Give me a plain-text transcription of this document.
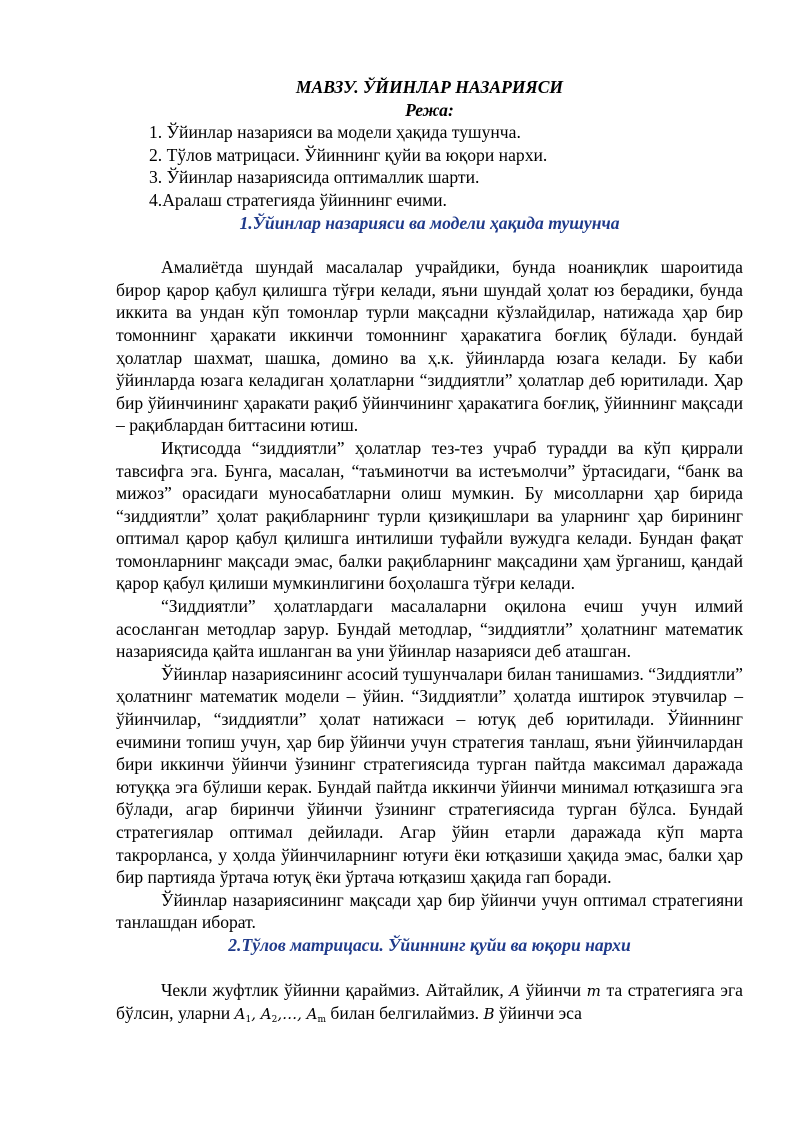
МАВЗУ. ЎЙИНЛАР НАЗАРИЯСИ

Режа:

1. Ўйинлар назарияси ва модели ҳақида тушунча.
2. Тўлов матрицаси. Ўйиннинг қуйи ва юқори нархи.
3. Ўйинлар назариясида оптималлик шарти.
4.Аралаш стратегияда ўйиннинг ечими.

1.Ўйинлар назарияси ва модели ҳақида тушунча

Амалиётда шундай масалалар учрайдики, бунда ноаниқлик шароитида бирор қарор қабул қилишга тўғри келади, яъни шундай ҳолат юз берадики, бунда иккита ва ундан кўп томонлар турли мақсадни кўзлайдилар, натижада ҳар бир томоннинг ҳаракати иккинчи томоннинг ҳаракатига боғлиқ бўлади. бундай ҳолатлар шахмат, шашка, домино ва ҳ.к. ўйинларда юзага келади. Бу каби ўйинларда юзага келадиган ҳолатларни “зиддиятли” ҳолатлар деб юритилади. Ҳар бир ўйинчининг ҳаракати рақиб ўйинчининг ҳаракатига боғлиқ, ўйиннинг мақсади – рақиблардан биттасини ютиш.

Иқтисодда “зиддиятли” ҳолатлар тез-тез учраб турадди ва кўп қиррали тавсифга эга. Бунга, масалан, “таъминотчи ва истеъмолчи” ўртасидаги, “банк ва мижоз” орасидаги муносабатларни олиш мумкин. Бу мисолларни ҳар бирида “зиддиятли” ҳолат рақибларнинг турли қизиқишлари ва уларнинг ҳар бирининг оптимал қарор қабул қилишга интилиши туфайли вужудга келади. Бундан фақат томонларнинг мақсади эмас, балки рақибларнинг мақсадини ҳам ўрганиш, қандай қарор қабул қилиши мумкинлигини боҳолашга тўғри келади.

“Зиддиятли” ҳолатлардаги масалаларни оқилона ечиш учун илмий асосланган методлар зарур. Бундай методлар, “зиддиятли” ҳолатнинг математик назариясида қайта ишланган ва уни ўйинлар назарияси деб аташган.

Ўйинлар назариясининг асосий тушунчалари билан танишамиз. “Зиддиятли” ҳолатнинг математик модели – ўйин. “Зиддиятли” ҳолатда иштирок этувчилар – ўйинчилар, “зиддиятли” ҳолат натижаси – ютуқ деб юритилади. Ўйиннинг ечимини топиш учун, ҳар бир ўйинчи учун стратегия танлаш, яъни ўйинчилардан бири иккинчи ўйинчи ўзининг стратегиясида турган пайтда максимал даражада ютуққа эга бўлиши керак. Бундай пайтда иккинчи ўйинчи минимал ютқазишга эга бўлади, агар биринчи ўйинчи ўзининг стратегиясида турган бўлса. Бундай стратегиялар оптимал дейилади. Агар ўйин етарли даражада кўп марта такрорланса, у ҳолда ўйинчиларнинг ютуғи ёки ютқазиши ҳақида эмас, балки ҳар бир партияда ўртача ютуқ ёки ўртача ютқазиш ҳақида гап боради.

Ўйинлар назариясининг мақсади ҳар бир ўйинчи учун оптимал стратегияни танлашдан иборат.

2.Тўлов матрицаси. Ўйиннинг қуйи ва юқори нархи

Чекли жуфтлик ўйинни қараймиз. Айтайлик, A ўйинчи m та стратегияга эга бўлсин, уларни $A_1$, $A_2,\dots$, $A_m$ билан белгилаймиз. B ўйинчи эса
